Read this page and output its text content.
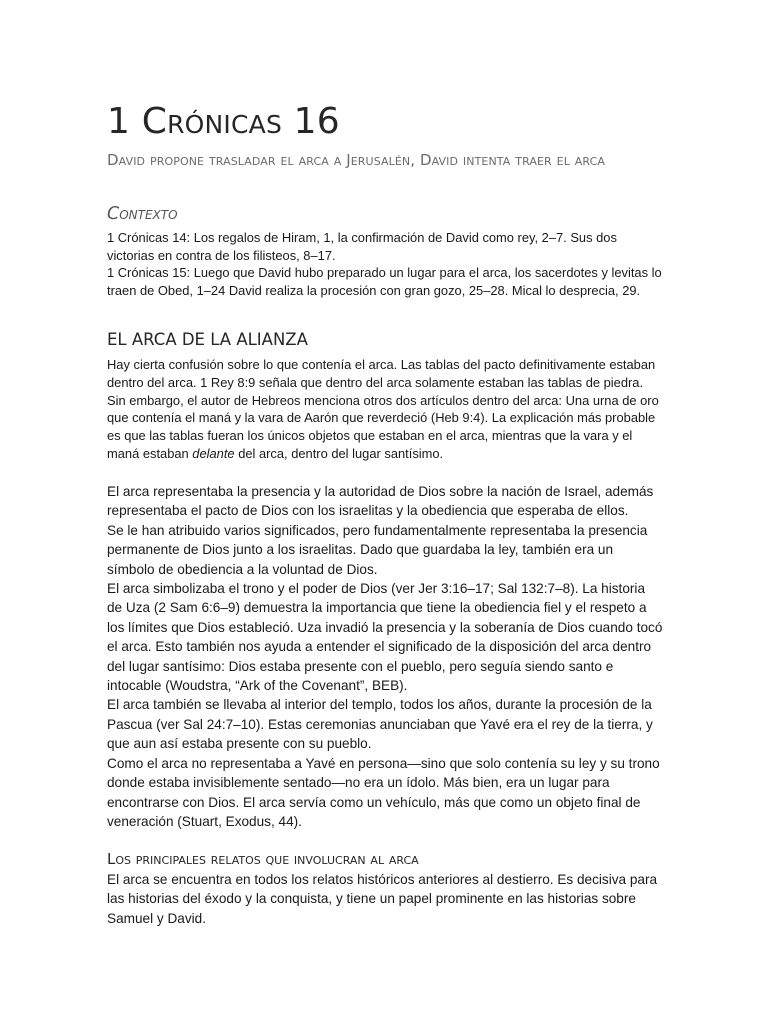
1 Crónicas 16
David propone trasladar el arca a Jerusalén, David intenta traer el arca
Contexto

1 Crónicas 14: Los regalos de Hiram, 1, la confirmación de David como rey, 2–7. Sus dos victorias en contra de los filisteos, 8–17.

1 Crónicas 15: Luego que David hubo preparado un lugar para el arca, los sacerdotes y levitas lo traen de Obed, 1–24 David realiza la procesión con gran gozo, 25–28. Mical lo desprecia, 29.

EL ARCA DE LA ALIANZA

Hay cierta confusión sobre lo que contenía el arca. Las tablas del pacto definitivamente estaban dentro del arca. 1 Rey 8:9 señala que dentro del arca solamente estaban las tablas de piedra. Sin embargo, el autor de Hebreos menciona otros dos artículos dentro del arca: Una urna de oro que contenía el maná y la vara de Aarón que reverdeció (Heb 9:4). La explicación más probable es que las tablas fueran los únicos objetos que estaban en el arca, mientras que la vara y el maná estaban delante del arca, dentro del lugar santísimo.

El arca representaba la presencia y la autoridad de Dios sobre la nación de Israel, además representaba el pacto de Dios con los israelitas y la obediencia que esperaba de ellos.

Se le han atribuido varios significados, pero fundamentalmente representaba la presencia permanente de Dios junto a los israelitas. Dado que guardaba la ley, también era un símbolo de obediencia a la voluntad de Dios.

El arca simbolizaba el trono y el poder de Dios (ver Jer 3:16–17; Sal 132:7–8). La historia de Uza (2 Sam 6:6–9) demuestra la importancia que tiene la obediencia fiel y el respeto a los límites que Dios estableció. Uza invadió la presencia y la soberanía de Dios cuando tocó el arca. Esto también nos ayuda a entender el significado de la disposición del arca dentro del lugar santísimo: Dios estaba presente con el pueblo, pero seguía siendo santo e intocable (Woudstra, “Ark of the Covenant”, BEB).

El arca también se llevaba al interior del templo, todos los años, durante la procesión de la Pascua (ver Sal 24:7–10). Estas ceremonias anunciaban que Yavé era el rey de la tierra, y que aun así estaba presente con su pueblo.

Como el arca no representaba a Yavé en persona—sino que solo contenía su ley y su trono donde estaba invisiblemente sentado—no era un ídolo. Más bien, era un lugar para encontrarse con Dios. El arca servía como un vehículo, más que como un objeto final de veneración (Stuart, Exodus, 44).

Los principales relatos que involucran al arca

El arca se encuentra en todos los relatos históricos anteriores al destierro. Es decisiva para las historias del éxodo y la conquista, y tiene un papel prominente en las historias sobre Samuel y David.
